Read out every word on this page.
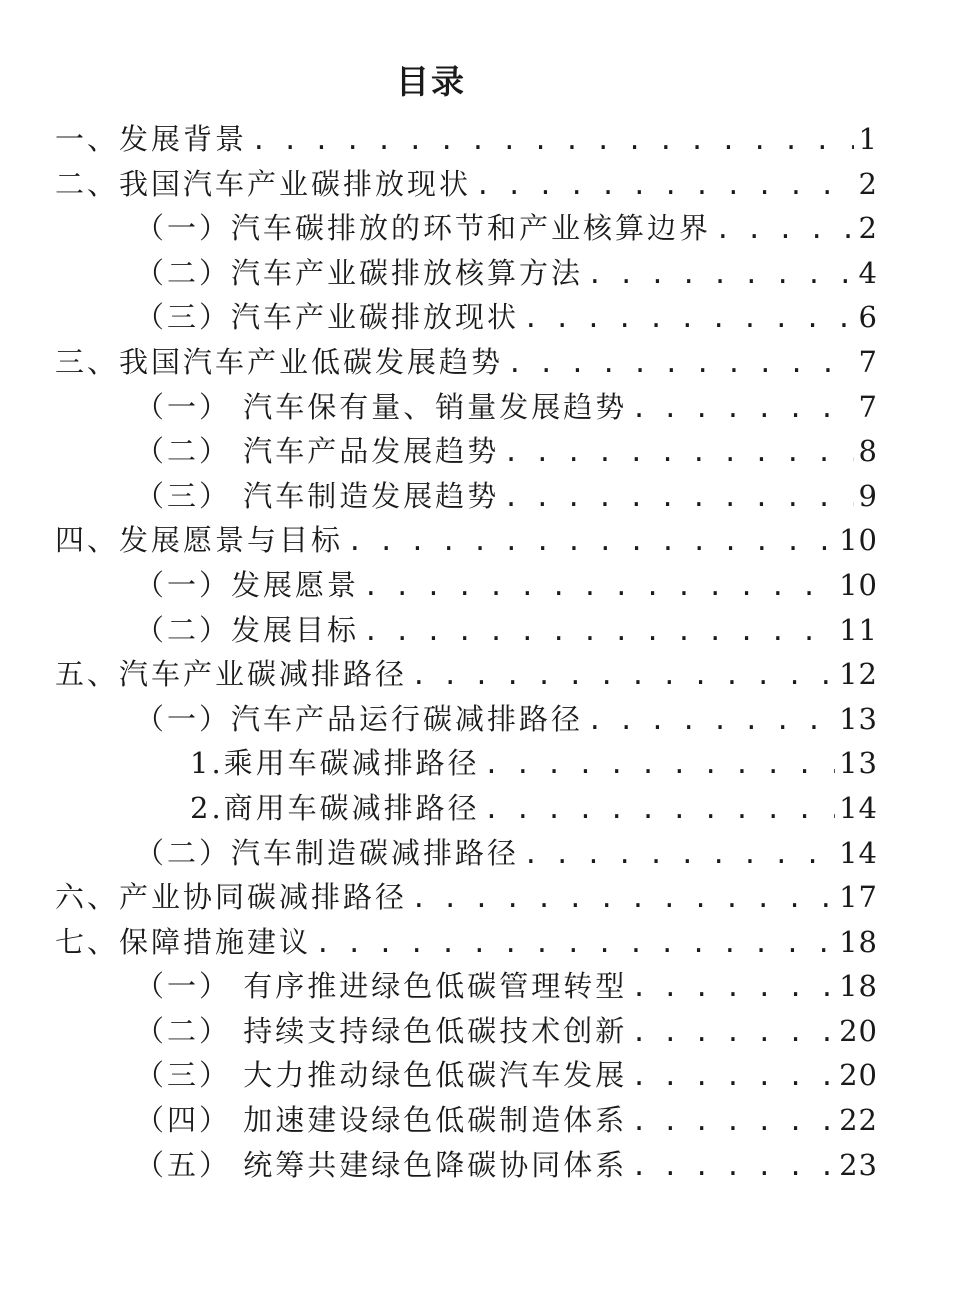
目录
一、发展背景 . . .	1
二、我国汽车产业碳排放现状 . . .	2
（一）汽车碳排放的环节和产业核算边界 . . .	2
（二）汽车产业碳排放核算方法 . . .	4
（三）汽车产业碳排放现状 . . .	6
三、我国汽车产业低碳发展趋势 . . .	7
（一） 汽车保有量、销量发展趋势 . . .	7
（二） 汽车产品发展趋势 . . .	8
（三） 汽车制造发展趋势 . . .	9
四、发展愿景与目标 . . .	10
（一）发展愿景 . . .	10
（二）发展目标 . . .	11
五、汽车产业碳减排路径 . . .	12
（一）汽车产品运行碳减排路径 . . .	13
1.乘用车碳减排路径 . . .	13
2.商用车碳减排路径 . . .	14
（二）汽车制造碳减排路径 . . .	14
六、产业协同碳减排路径 . . .	17
七、保障措施建议 . . .	18
（一） 有序推进绿色低碳管理转型 . . .	18
（二） 持续支持绿色低碳技术创新 . . .	20
（三） 大力推动绿色低碳汽车发展 . . .	20
（四） 加速建设绿色低碳制造体系 . . .	22
（五） 统筹共建绿色降碳协同体系 . . .	23
